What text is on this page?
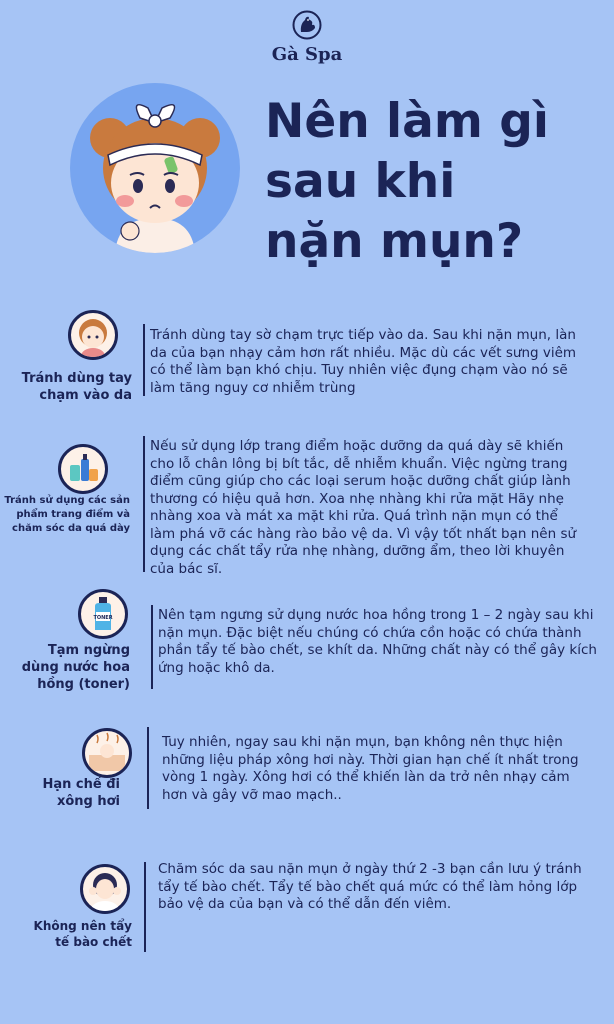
Gà Spa
Nên làm gì
sau khi
nặn mụn?
Tránh dùng tay chạm vào da
Tránh dùng tay sờ chạm trực tiếp vào da. Sau khi nặn mụn, làn da của bạn nhạy cảm hơn rất nhiều. Mặc dù các vết sưng viêm có thể làm bạn khó chịu. Tuy nhiên việc đụng chạm vào nó sẽ làm tăng nguy cơ nhiễm trùng
Tránh sử dụng các sản phẩm trang điểm và chăm sóc da quá dày
Nếu sử dụng lớp trang điểm hoặc dưỡng da quá dày sẽ khiến cho lỗ chân lông bị bít tắc, dễ nhiễm khuẩn. Việc ngừng trang điểm cũng giúp cho các loại serum hoặc dưỡng chất giúp lành thương có hiệu quả hơn. Xoa nhẹ nhàng khi rửa mặt Hãy nhẹ nhàng xoa và mát xa mặt khi rửa. Quá trình nặn mụn có thể làm phá vỡ các hàng rào bảo vệ da. Vì vậy tốt nhất bạn nên sử dụng các chất tẩy rửa nhẹ nhàng, dưỡng ẩm, theo lời khuyên của bác sĩ.
TONER
Tạm ngừng dùng nước hoa hồng (toner)
Nên tạm ngưng sử dụng nước hoa hồng trong 1 – 2 ngày sau khi nặn mụn. Đặc biệt nếu chúng có chứa cồn hoặc có chứa thành phần tẩy tế bào chết, se khít da. Những chất này có thể gây kích ứng hoặc khô da.
Hạn chế đi xông hơi
Tuy nhiên, ngay sau khi nặn mụn, bạn không nên thực hiện những liệu pháp xông hơi này. Thời gian hạn chế ít nhất trong vòng 1 ngày. Xông hơi có thể khiến làn da trở nên nhạy cảm hơn và gây vỡ mao mạch..
Không nên tẩy tế bào chết
Chăm sóc da sau nặn mụn ở ngày thứ 2 -3 bạn cần lưu ý tránh tẩy tế bào chết. Tẩy tế bào chết quá mức có thể làm hỏng lớp bảo vệ da của bạn và có thể dẫn đến viêm.
